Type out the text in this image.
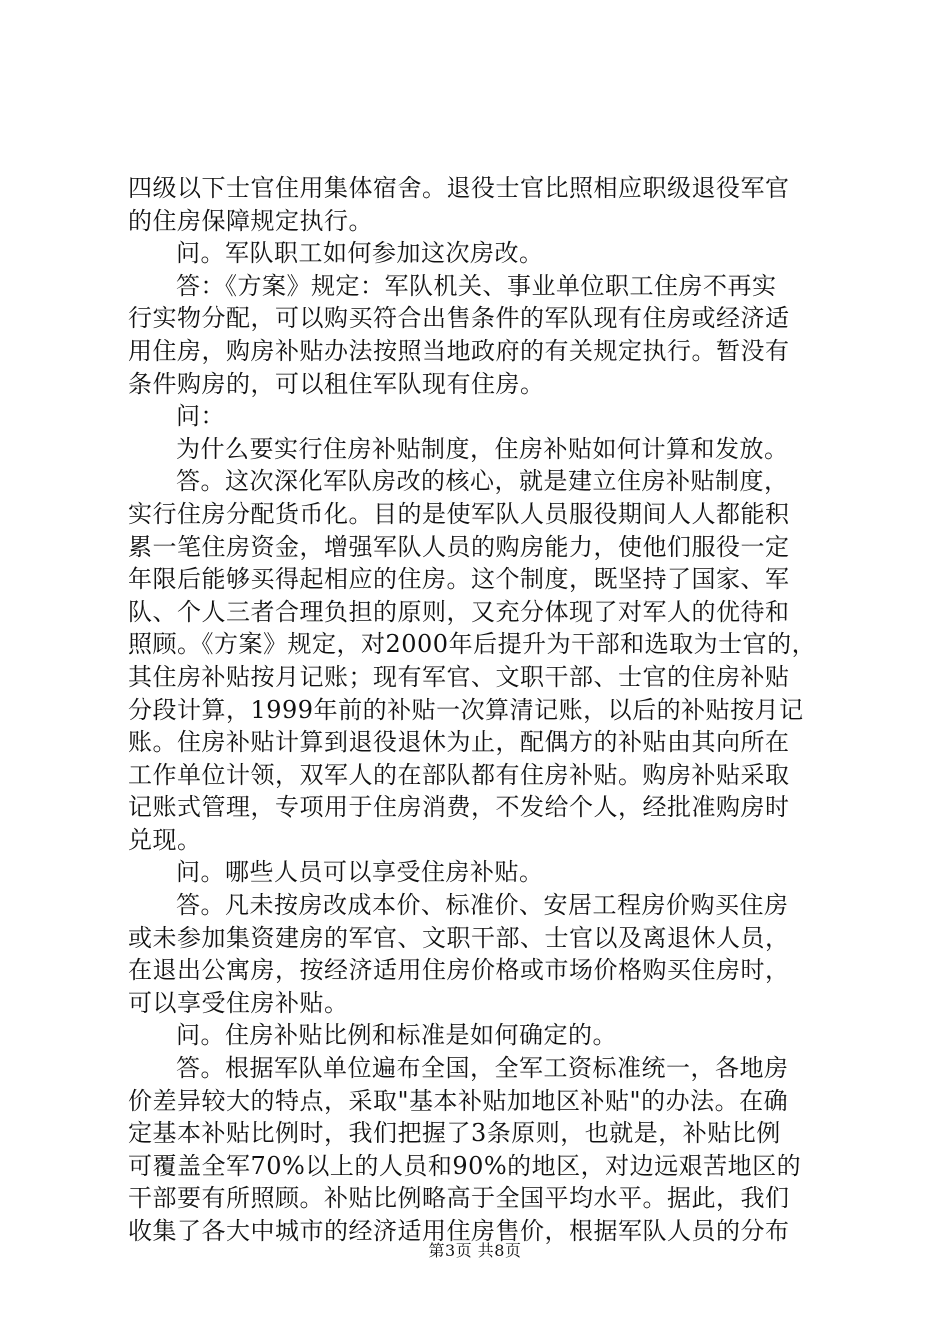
四级以下士官住用集体宿舍。退役士官比照相应职级退役军官
的住房保障规定执行。
问。军队职工如何参加这次房改。
答：《方案》规定：军队机关、事业单位职工住房不再实
行实物分配，可以购买符合出售条件的军队现有住房或经济适
用住房，购房补贴办法按照当地政府的有关规定执行。暂没有
条件购房的，可以租住军队现有住房。
问：
为什么要实行住房补贴制度，住房补贴如何计算和发放。
答。这次深化军队房改的核心，就是建立住房补贴制度，
实行住房分配货币化。目的是使军队人员服役期间人人都能积
累一笔住房资金，增强军队人员的购房能力，使他们服役一定
年限后能够买得起相应的住房。这个制度，既坚持了国家、军
队、个人三者合理负担的原则，又充分体现了对军人的优待和
照顾。《方案》规定，对2000年后提升为干部和选取为士官的，
其住房补贴按月记账；现有军官、文职干部、士官的住房补贴
分段计算，1999年前的补贴一次算清记账，以后的补贴按月记
账。住房补贴计算到退役退休为止，配偶方的补贴由其向所在
工作单位计领，双军人的在部队都有住房补贴。购房补贴采取
记账式管理，专项用于住房消费，不发给个人，经批准购房时
兑现。
问。哪些人员可以享受住房补贴。
答。凡未按房改成本价、标准价、安居工程房价购买住房
或未参加集资建房的军官、文职干部、士官以及离退休人员，
在退出公寓房，按经济适用住房价格或市场价格购买住房时，
可以享受住房补贴。
问。住房补贴比例和标准是如何确定的。
答。根据军队单位遍布全国，全军工资标准统一，各地房
价差异较大的特点，采取"基本补贴加地区补贴"的办法。在确
定基本补贴比例时，我们把握了3条原则，也就是，补贴比例
可覆盖全军70%以上的人员和90%的地区，对边远艰苦地区的
干部要有所照顾。补贴比例略高于全国平均水平。据此，我们
收集了各大中城市的经济适用住房售价，根据军队人员的分布
第3页 共8页
